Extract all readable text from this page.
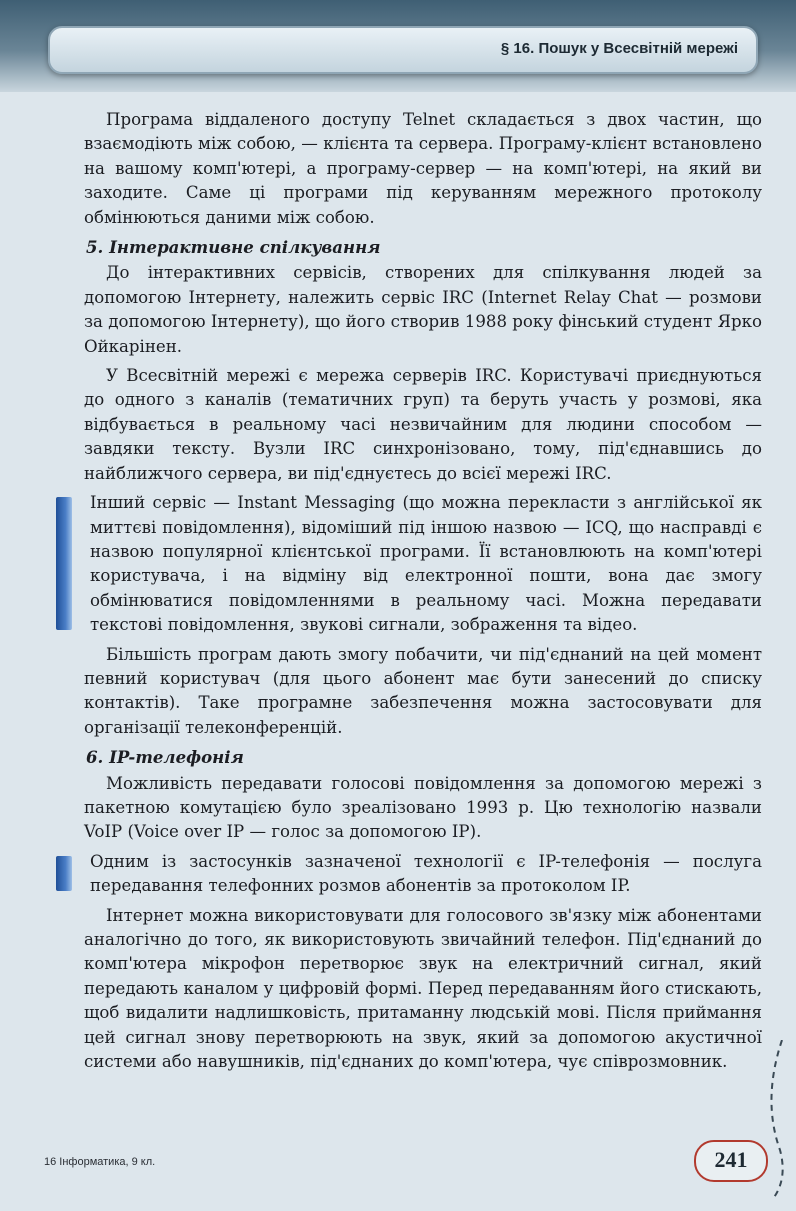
§ 16. Пошук у Всесвітній мережі

Програма віддаленого доступу Telnet складається з двох частин, що взаємодіють між собою, — клієнта та сервера. Програму-клієнт встановлено на вашому комп'ютері, а програму-сервер — на комп'ютері, на який ви заходите. Саме ці програми під керуванням мережного протоколу обмінюються даними між собою.

5. Інтерактивне спілкування

До інтерактивних сервісів, створених для спілкування людей за допомогою Інтернету, належить сервіс IRC (Internet Relay Chat — розмови за допомогою Інтернету), що його створив 1988 року фінський студент Ярко Ойкарінен.

У Всесвітній мережі є мережа серверів IRC. Користувачі приєднуються до одного з каналів (тематичних груп) та беруть участь у розмові, яка відбувається в реальному часі незвичайним для людини способом — завдяки тексту. Вузли IRC синхронізовано, тому, під'єднавшись до найближчого сервера, ви під'єднуєтесь до всієї мережі IRC.

Інший сервіс — Instant Messaging (що можна перекласти з англійської як миттєві повідомлення), відоміший під іншою назвою — ICQ, що насправді є назвою популярної клієнтської програми. Її встановлюють на комп'ютері користувача, і на відміну від електронної пошти, вона дає змогу обмінюватися повідомленнями в реальному часі. Можна передавати текстові повідомлення, звукові сигнали, зображення та відео.

Більшість програм дають змогу побачити, чи під'єднаний на цей момент певний користувач (для цього абонент має бути занесений до списку контактів). Таке програмне забезпечення можна застосовувати для організації телеконференцій.

6. IP-телефонія

Можливість передавати голосові повідомлення за допомогою мережі з пакетною комутацією було зреалізовано 1993 р. Цю технологію назвали VoIP (Voice over IP — голос за допомогою IP).

Одним із застосунків зазначеної технології є IP-телефонія — послуга передавання телефонних розмов абонентів за протоколом IP.

Інтернет можна використовувати для голосового зв'язку між абонентами аналогічно до того, як використовують звичайний телефон. Під'єднаний до комп'ютера мікрофон перетворює звук на електричний сигнал, який передають каналом у цифровій формі. Перед передаванням його стискають, щоб видалити надлишковість, притаманну людській мові. Після приймання цей сигнал знову перетворюють на звук, який за допомогою акустичної системи або навушників, під'єднаних до комп'ютера, чує співрозмовник.

16 Інформатика, 9 кл.	241
